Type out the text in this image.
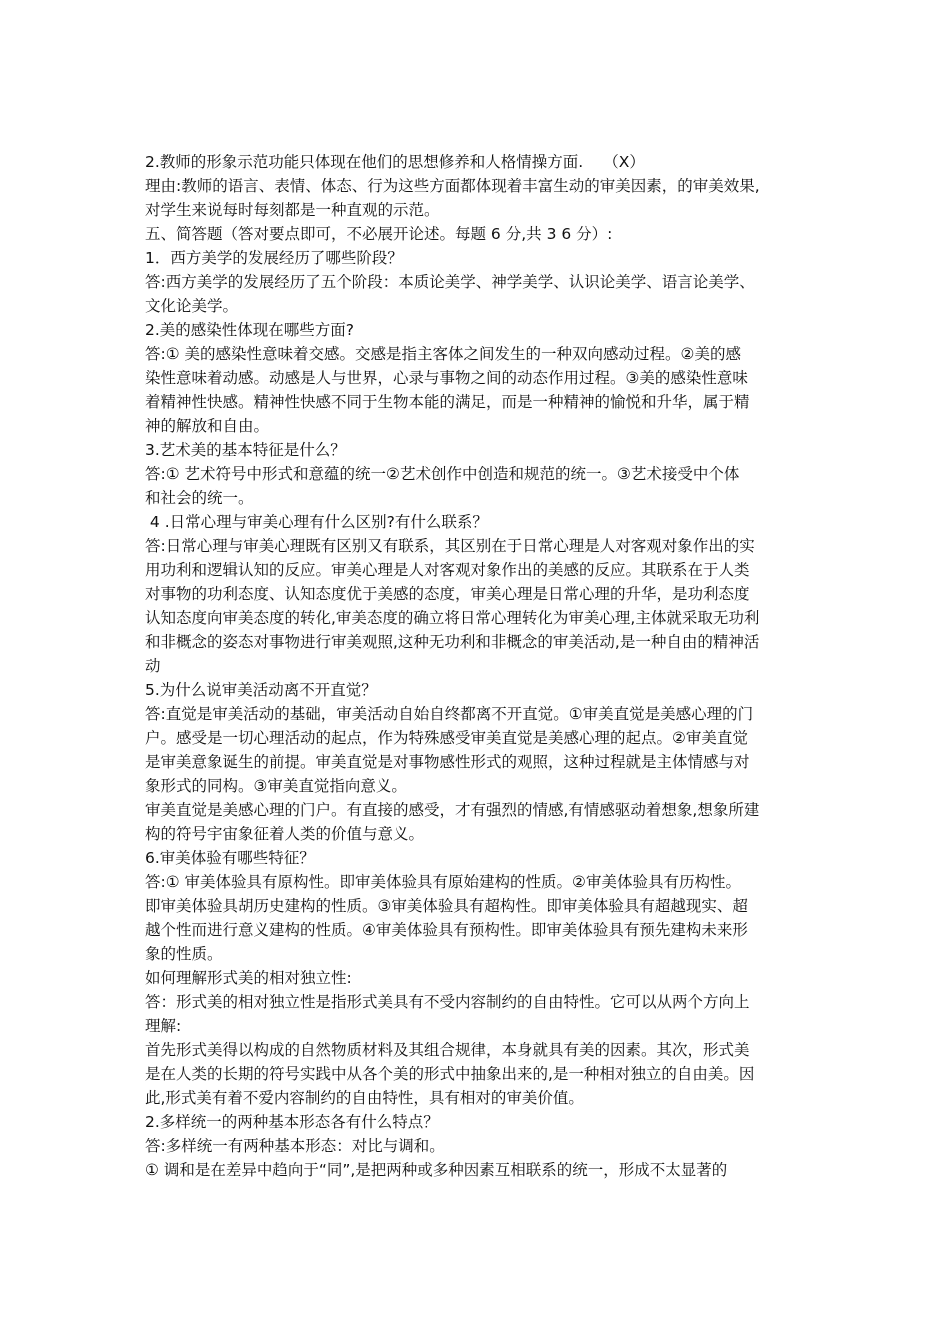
2.教师的形象示范功能只体现在他们的思想修养和人格情操方面. （X）
理由:教师的语言、表情、体态、行为这些方面都体现着丰富生动的审美因素，的审美效果,
对学生来说每时每刻都是一种直观的示范。
五、简答题（答对要点即可，不必展开论述。每题 6 分,共 3 6 分）:
1．西方美学的发展经历了哪些阶段？
答:西方美学的发展经历了五个阶段：本质论美学、神学美学、认识论美学、语言论美学、
文化论美学。
2.美的感染性体现在哪些方面?
答:① 美的感染性意味着交感。交感是指主客体之间发生的一种双向感动过程。②美的感
染性意味着动感。动感是人与世界，心录与事物之间的动态作用过程。③美的感染性意味
着精神性快感。精神性快感不同于生物本能的满足，而是一种精神的愉悦和升华，属于精
神的解放和自由。
3.艺术美的基本特征是什么？
答:① 艺术符号中形式和意蕴的统一②艺术创作中创造和规范的统一。③艺术接受中个体
和社会的统一。
4 .日常心理与审美心理有什么区别?有什么联系？
答:日常心理与审美心理既有区别又有联系，其区别在于日常心理是人对客观对象作出的实
用功利和逻辑认知的反应。审美心理是人对客观对象作出的美感的反应。其联系在于人类
对事物的功利态度、认知态度优于美感的态度，审美心理是日常心理的升华，是功利态度
认知态度向审美态度的转化,审美态度的确立将日常心理转化为审美心理,主体就采取无功利
和非概念的姿态对事物进行审美观照,这种无功利和非概念的审美活动,是一种自由的精神活
动
5.为什么说审美活动离不开直觉？
答:直觉是审美活动的基础，审美活动自始自终都离不开直觉。①审美直觉是美感心理的门
户。感受是一切心理活动的起点，作为特殊感受审美直觉是美感心理的起点。②审美直觉
是审美意象诞生的前提。审美直觉是对事物感性形式的观照，这种过程就是主体情感与对
象形式的同构。③审美直觉指向意义。
审美直觉是美感心理的门户。有直接的感受，才有强烈的情感,有情感驱动着想象,想象所建
构的符号宇宙象征着人类的价值与意义。
6.审美体验有哪些特征？
答:① 审美体验具有原构性。即审美体验具有原始建构的性质。②审美体验具有历构性。
即审美体验具胡历史建构的性质。③审美体验具有超构性。即审美体验具有超越现实、超
越个性而进行意义建构的性质。④审美体验具有预构性。即审美体验具有预先建构未来形
象的性质。
如何理解形式美的相对独立性:
答：形式美的相对独立性是指形式美具有不受内容制约的自由特性。它可以从两个方向上
理解:
首先形式美得以构成的自然物质材料及其组合规律，本身就具有美的因素。其次，形式美
是在人类的长期的符号实践中从各个美的形式中抽象出来的,是一种相对独立的自由美。因
此,形式美有着不爱内容制约的自由特性，具有相对的审美价值。
2.多样统一的两种基本形态各有什么特点？
答:多样统一有两种基本形态：对比与调和。
① 调和是在差异中趋向于“同”,是把两种或多种因素互相联系的统一，形成不太显著的
